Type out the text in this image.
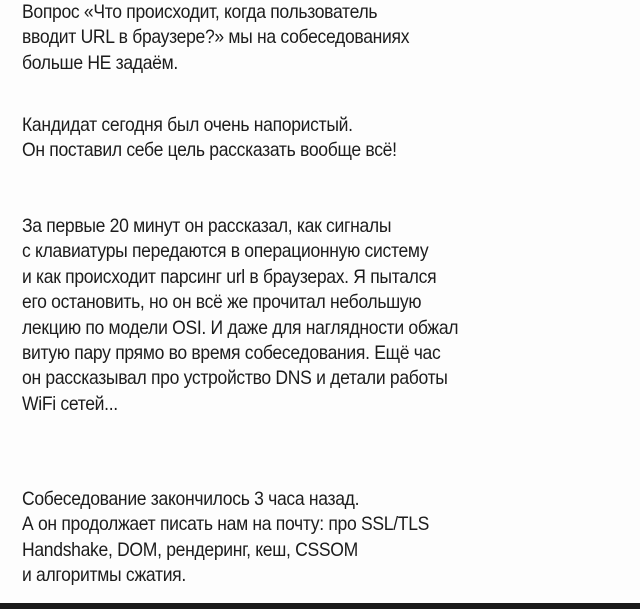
Вопрос «Что происходит, когда пользователь
вводит URL в браузере?» мы на собеседованиях
больше НЕ задаём.
Кандидат сегодня был очень напористый.
Он поставил себе цель рассказать вообще всё!
За первые 20 минут он рассказал, как сигналы
с клавиатуры передаются в операционную систему
и как происходит парсинг url в браузерах. Я пытался
его остановить, но он всё же прочитал небольшую
лекцию по модели OSI. И даже для наглядности обжал
витую пару прямо во время собеседования. Ещё час
он рассказывал про устройство DNS и детали работы
WiFi сетей...
Собеседование закончилось 3 часа назад.
А он продолжает писать нам на почту: про SSL/TLS
Handshake, DOM, рендеринг, кеш, CSSOM
и алгоритмы сжатия.
